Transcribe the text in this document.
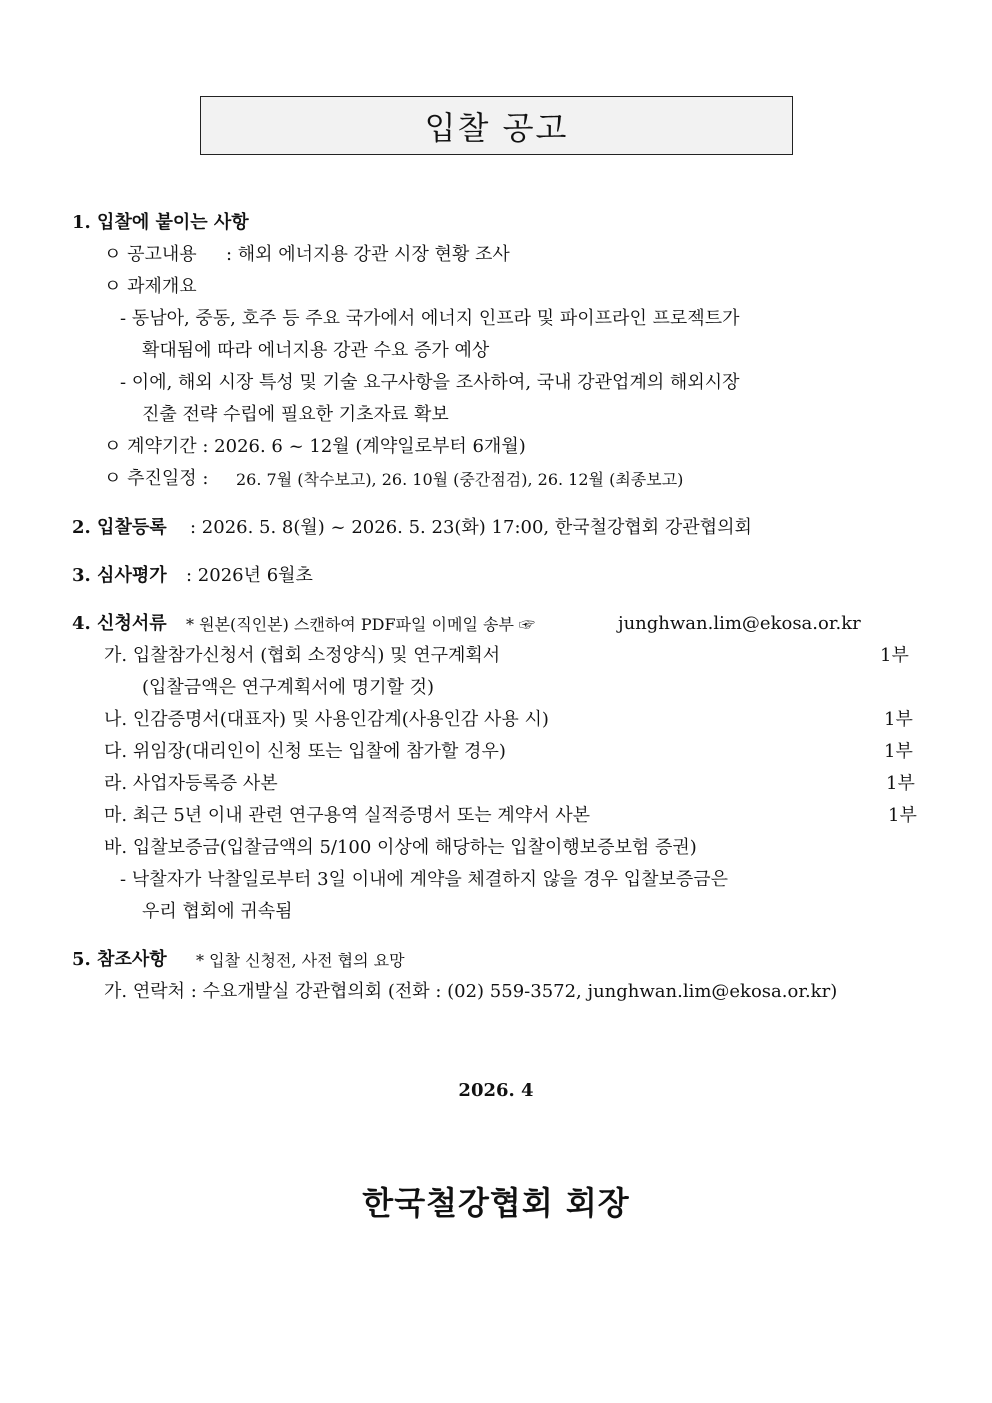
입찰 공고
1. 입찰에 붙이는 사항
ㅇ 공고내용 : 해외 에너지용 강관 시장 현황 조사
ㅇ 과제개요
- 동남아, 중동, 호주 등 주요 국가에서 에너지 인프라 및 파이프라인 프로젝트가
확대됨에 따라 에너지용 강관 수요 증가 예상
- 이에, 해외 시장 특성 및 기술 요구사항을 조사하여, 국내 강관업계의 해외시장
진출 전략 수립에 필요한 기초자료 확보
ㅇ 계약기간 : 2026. 6 ~ 12월 (계약일로부터 6개월)
ㅇ 추진일정 : 26. 7월 (착수보고), 26. 10월 (중간점검), 26. 12월 (최종보고)
2. 입찰등록 : 2026. 5. 8(월) ~ 2026. 5. 23(화) 17:00, 한국철강협회 강관협의회
3. 심사평가 : 2026년 6월초
4. 신청서류 * 원본(직인본) 스캔하여 PDF파일 이메일 송부 ☞	junghwan.lim@ekosa.or.kr
가. 입찰참가신청서 (협회 소정양식) 및 연구계획서	1부
(입찰금액은 연구계획서에 명기할 것)
나. 인감증명서(대표자) 및 사용인감계(사용인감 사용 시)	1부
다. 위임장(대리인이 신청 또는 입찰에 참가할 경우)	1부
라. 사업자등록증 사본	1부
마. 최근 5년 이내 관련 연구용역 실적증명서 또는 계약서 사본	1부
바. 입찰보증금(입찰금액의 5/100 이상에 해당하는 입찰이행보증보험 증권)
- 낙찰자가 낙찰일로부터 3일 이내에 계약을 체결하지 않을 경우 입찰보증금은
우리 협회에 귀속됨
5. 참조사항 * 입찰 신청전, 사전 협의 요망
가. 연락처 : 수요개발실 강관협의회 (전화 : (02) 559-3572, junghwan.lim@ekosa.or.kr)
2026. 4
한국철강협회 회장
